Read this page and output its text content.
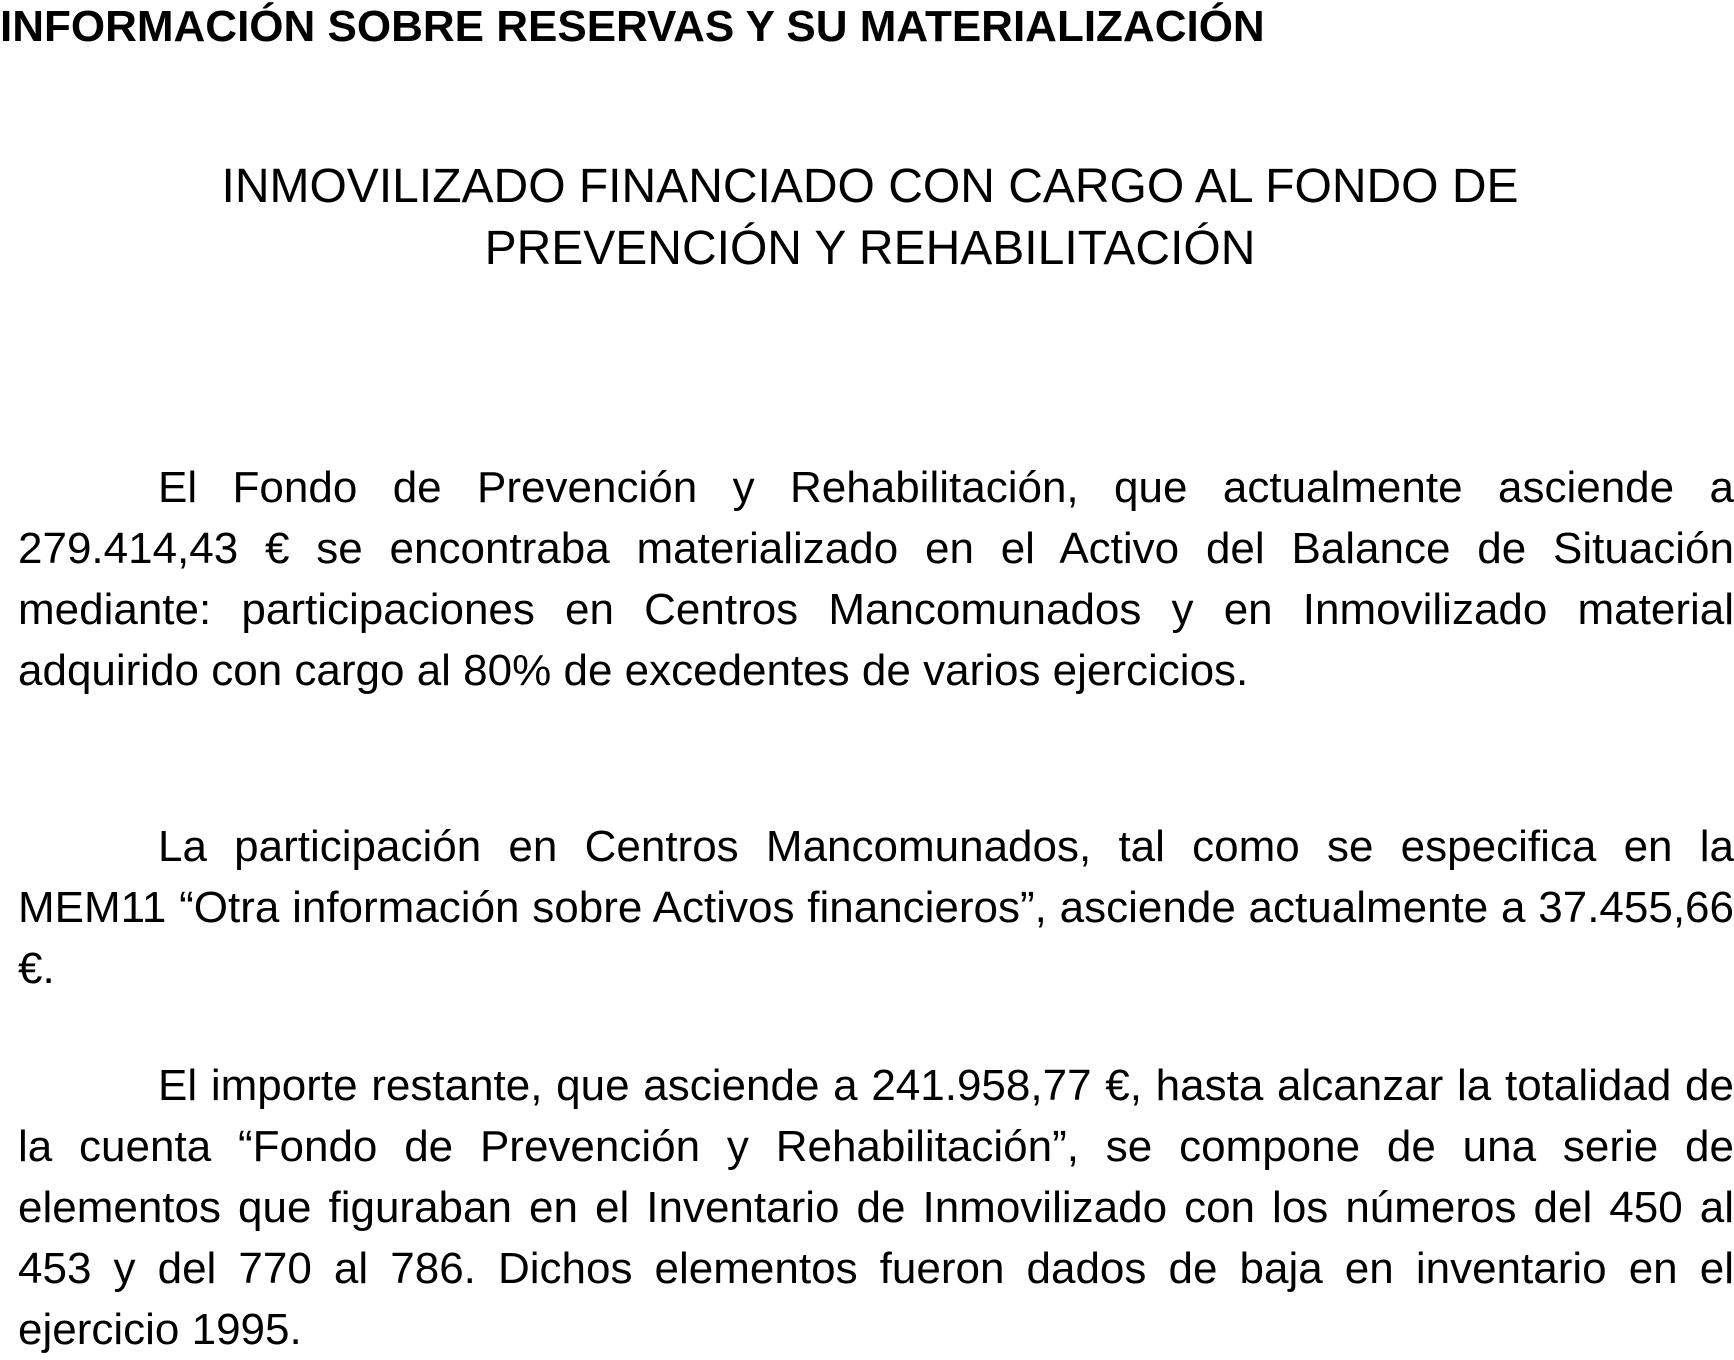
INFORMACIÓN SOBRE RESERVAS Y SU MATERIALIZACIÓN
INMOVILIZADO FINANCIADO CON CARGO AL FONDO DE
PREVENCIÓN Y REHABILITACIÓN

El Fondo de Prevención y Rehabilitación, que actualmente asciende a 279.414,43 € se encontraba materializado en el Activo del Balance de Situación mediante: participaciones en Centros Mancomunados y en Inmovilizado material adquirido con cargo al 80% de excedentes de varios ejercicios.

La participación en Centros Mancomunados, tal como se especifica en la MEM11 “Otra información sobre Activos financieros”, asciende actualmente a 37.455,66 €.

El importe restante, que asciende a 241.958,77 €, hasta alcanzar la totalidad de la cuenta “Fondo de Prevención y Rehabilitación”, se compone de una serie de elementos que figuraban en el Inventario de Inmovilizado con los números del 450 al 453 y del 770 al 786. Dichos elementos fueron dados de baja en inventario en el ejercicio 1995.
